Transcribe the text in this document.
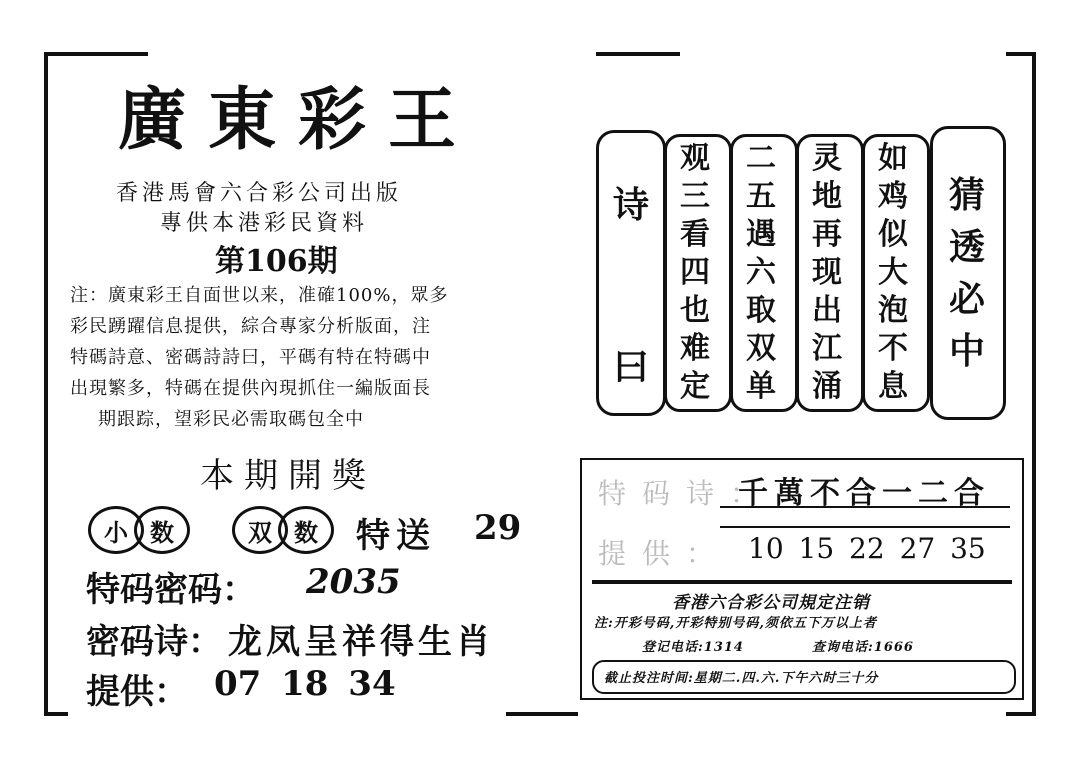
廣東彩王
香港馬會六合彩公司出版
專供本港彩民資料
第106期

注：廣東彩王自面世以来，准確100%，眾多

彩民踴躍信息提供，綜合專家分析版面，注

特碼詩意、密碼詩詩曰，平碼有特在特碼中

出現繁多，特碼在提供內現抓住一編版面長

期跟踪，望彩民必需取碼包全中

本期開獎
小 数	双 数	特送 29
特码密码： 2035
密码诗： 龙凤呈祥得生肖
提供： 07 18 34
诗
曰
观
三
看
四
也
难
定
二
五
遇
六
取
双
单
灵
地
再
现
出
江
涌
如
鸡
似
大
泡
不
息
猜
透
必
中
特码诗：
千萬不合一二合
提供： 10 15 22 27 35
香港六合彩公司規定注销
注:开彩号码,开彩特别号码,须依五下万以上者
登记电话:1314	查询电话:1666
截止投注时间:星期二.四.六.下午六时三十分
